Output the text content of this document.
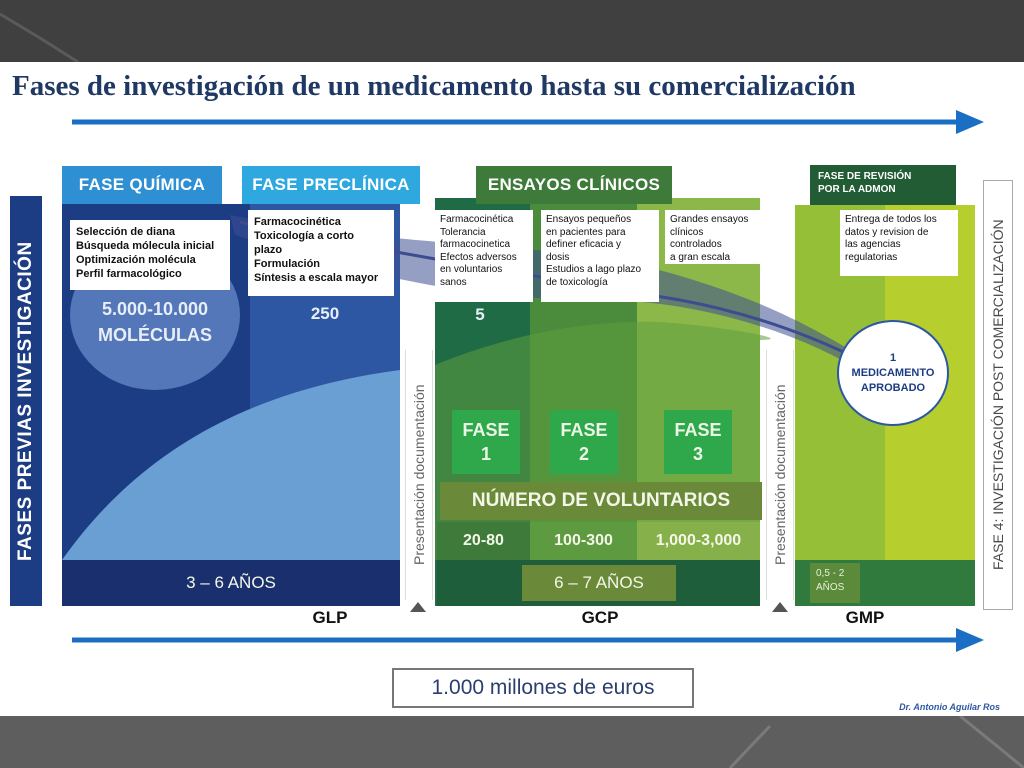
Fases de investigación de un medicamento hasta su comercialización
5.000-10.000
MOLÉCULAS
250	5
FASE QUÍMICA	FASE PRECLÍNICA	ENSAYOS CLÍNICOS	FASE DE REVISIÓN
POR LA ADMON
Selección de diana
Búsqueda mólecula inicial
Optimización molécula
Perfil farmacológico
Farmacocinética
Toxicología a corto
plazo
Formulación
Síntesis a escala mayor
Farmacocinética
Tolerancia
farmacocinetica
Efectos adversos
en voluntarios
sanos
Ensayos pequeños
en pacientes para
definer eficacia y
dosis
Estudios a lago plazo
de toxicología
Grandes ensayos
clínicos controlados
a gran escala
Entrega de todos los
datos y revision de
las agencias
regulatorias
1
MEDICAMENTO
APROBADO
FASE
1
FASE
2
FASE
3
NÚMERO DE VOLUNTARIOS
20-80	100-300	1,000-3,000
3 – 6 AÑOS	6 – 7 AÑOS	0,5 - 2
AÑOS
FASES PREVIAS INVESTIGACIÓN	Presentación documentación	Presentación documentación	FASE 4: INVESTIGACIÓN POST COMERCIALIZACIÓN
GLP	GCP	GMP
1.000 millones de euros
Dr. Antonio Aguilar Ros
